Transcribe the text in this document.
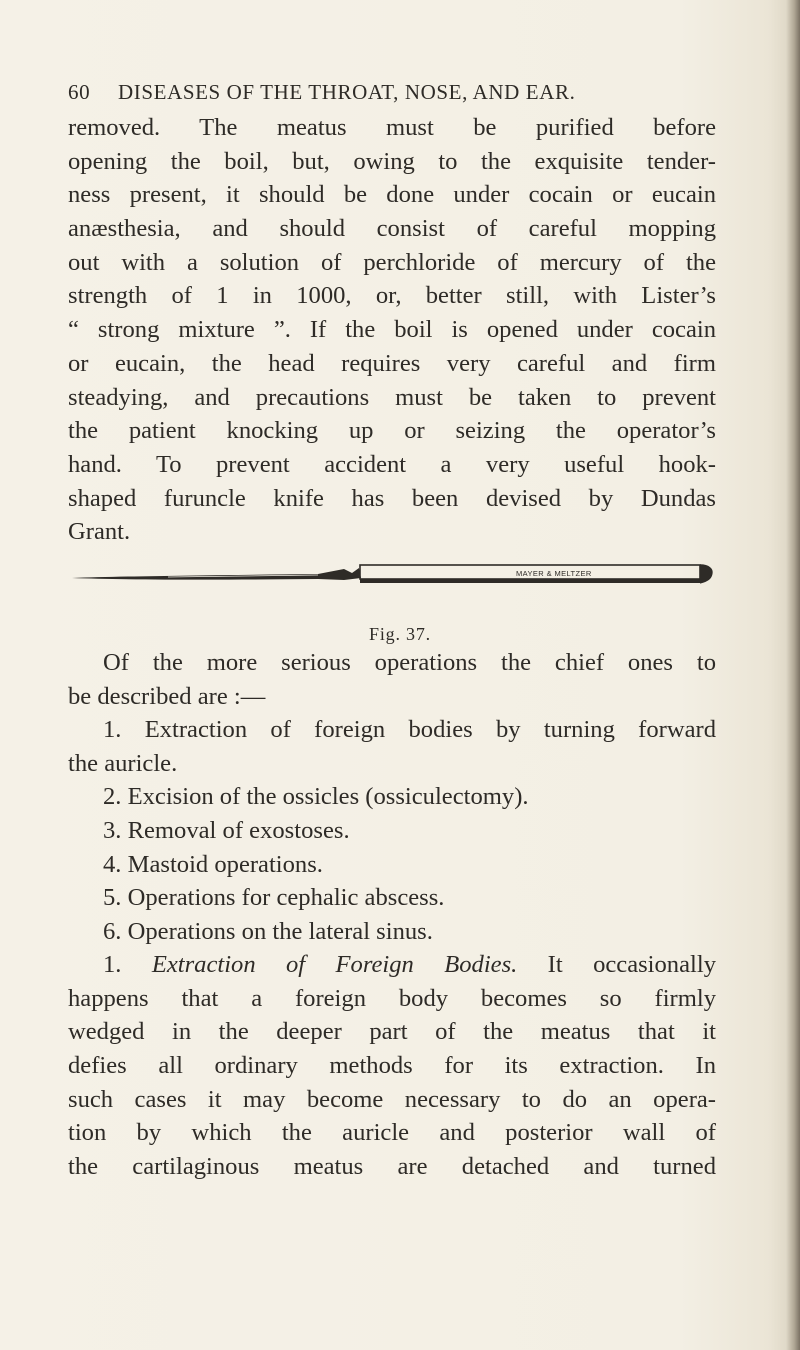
60 DISEASES OF THE THROAT, NOSE, AND EAR.
removed. The meatus must be purified before
opening the boil, but, owing to the exquisite tender-
ness present, it should be done under cocain or eucain
anæsthesia, and should consist of careful mopping
out with a solution of perchloride of mercury of the
strength of 1 in 1000, or, better still, with Lister’s
“ strong mixture ”. If the boil is opened under cocain
or eucain, the head requires very careful and firm
steadying, and precautions must be taken to prevent
the patient knocking up or seizing the operator’s
hand. To prevent accident a very useful hook-
shaped furuncle knife has been devised by Dundas
Grant.
MAYER & MELTZER
Fig. 37.
Of the more serious operations the chief ones to
be described are :—
1. Extraction of foreign bodies by turning forward
the auricle.
2. Excision of the ossicles (ossiculectomy).
3. Removal of exostoses.
4. Mastoid operations.
5. Operations for cephalic abscess.
6. Operations on the lateral sinus.
1. Extraction of Foreign Bodies. It occasionally
happens that a foreign body becomes so firmly
wedged in the deeper part of the meatus that it
defies all ordinary methods for its extraction. In
such cases it may become necessary to do an opera-
tion by which the auricle and posterior wall of
the cartilaginous meatus are detached and turned
